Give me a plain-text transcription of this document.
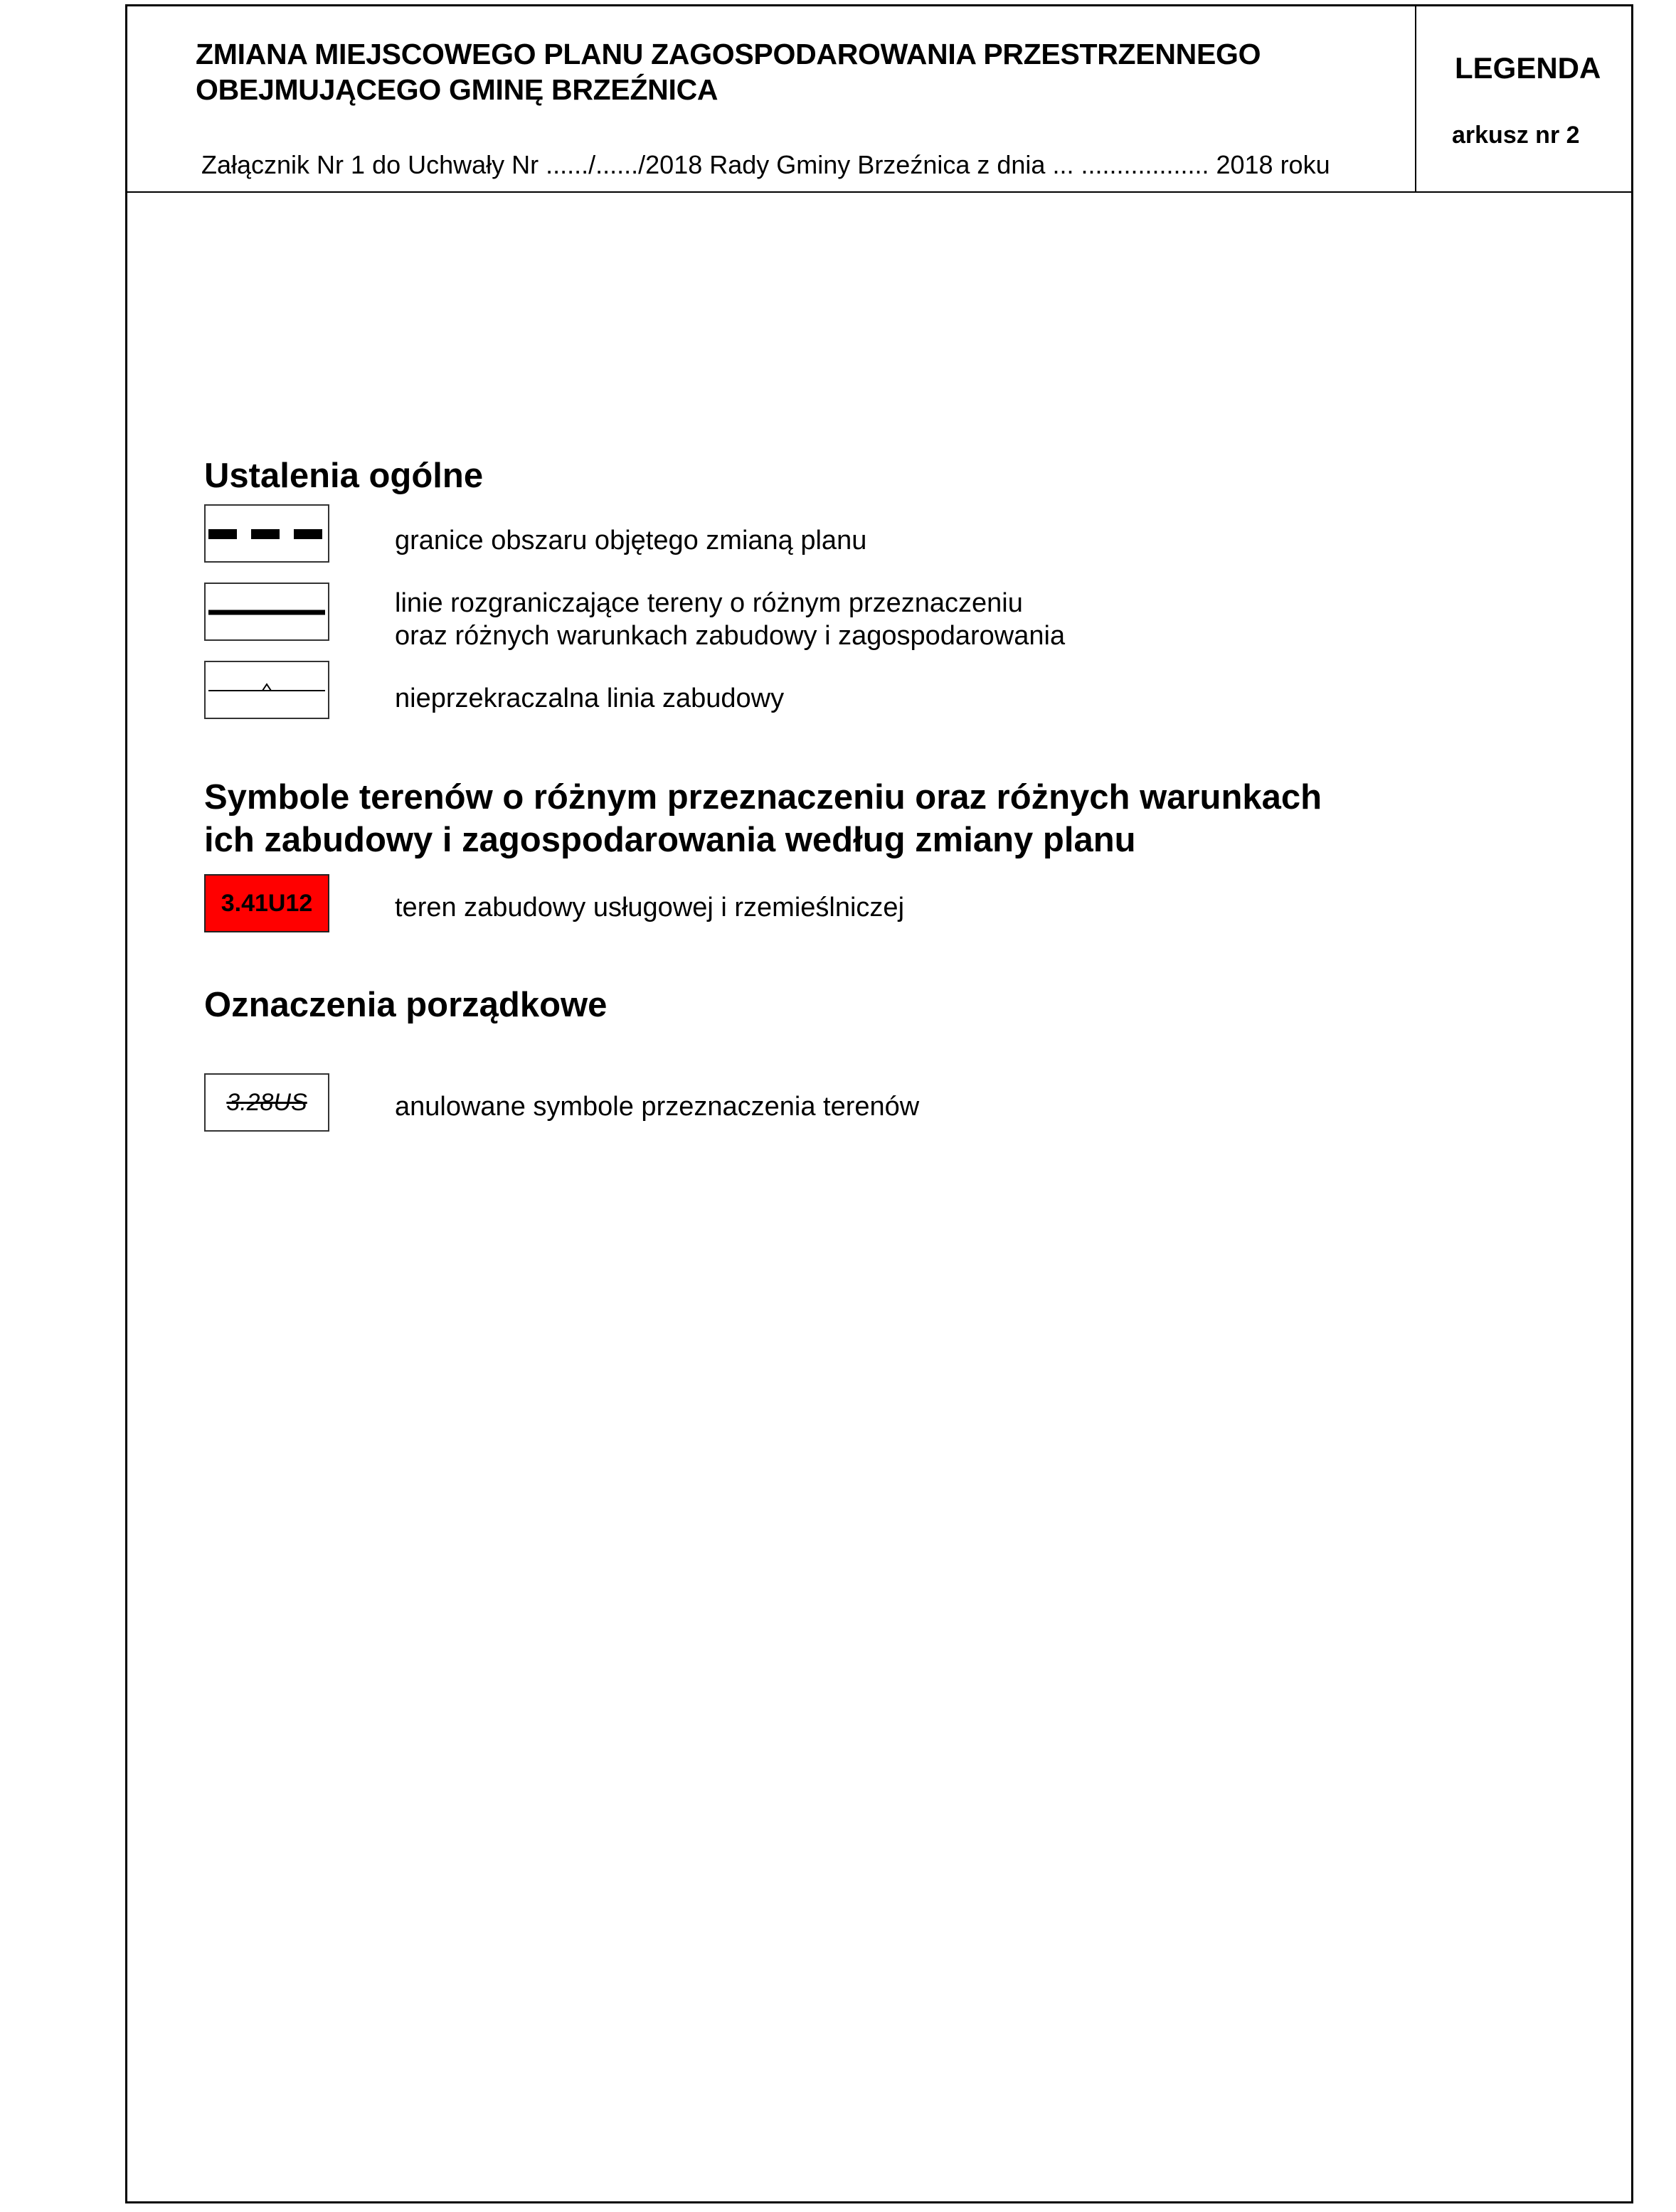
ZMIANA MIEJSCOWEGO PLANU ZAGOSPODAROWANIA PRZESTRZENNEGO
OBEJMUJĄCEGO GMINĘ BRZEŹNICA
Załącznik Nr 1 do Uchwały Nr ....../....../2018 Rady Gminy Brzeźnica z dnia ... .................. 2018 roku
LEGENDA
arkusz nr 2
Ustalenia ogólne
granice obszaru objętego zmianą planu
linie rozgraniczające tereny o różnym przeznaczeniu
oraz różnych warunkach zabudowy i zagospodarowania
nieprzekraczalna linia zabudowy
Symbole terenów o różnym przeznaczeniu oraz różnych warunkach
ich zabudowy i zagospodarowania według zmiany planu
3.41U12	teren zabudowy usługowej i rzemieślniczej
Oznaczenia porządkowe
3.28US	anulowane symbole przeznaczenia terenów
